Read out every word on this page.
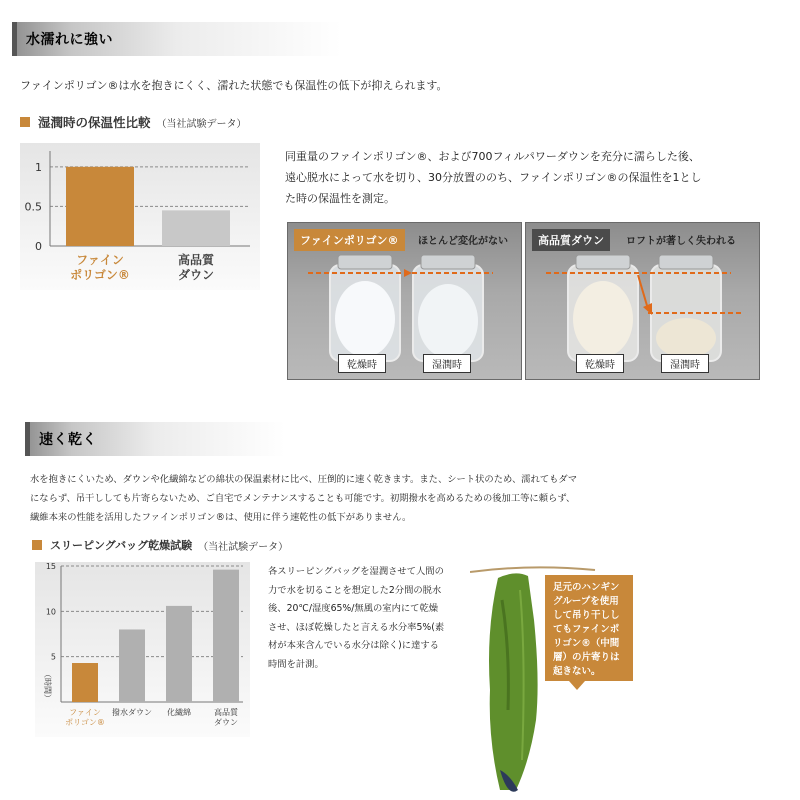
水濡れに強い
ファインポリゴン®は水を抱きにくく、濡れた状態でも保温性の低下が抑えられます。
湿潤時の保温性比較 （当社試験データ）
0
0.5
1
ファイン
ポリゴン®
高品質
ダウン
同重量のファインポリゴン®、および700フィルパワーダウンを充分に濡らした後、
遠心脱水によって水を切り、30分放置ののち、ファインポリゴン®の保温性を1とし
た時の保温性を測定。
ファインポリゴン®	ほとんど変化がない
乾燥時	湿潤時
高品質ダウン	ロフトが著しく失われる
乾燥時	湿潤時
速く乾く
水を抱きにくいため、ダウンや化繊綿などの綿状の保温素材に比べ、圧倒的に速く乾きます。また、シート状のため、濡れてもダマ
にならず、吊干ししても片寄らないため、ご自宅でメンテナンスすることも可能です。初期撥水を高めるための後加工等に頼らず、
繊維本来の性能を活用したファインポリゴン®は、使用に伴う速乾性の低下がありません。
スリーピングバッグ乾燥試験 （当社試験データ）
5
10
15
（時間）
ファイン
ポリゴン®
撥水ダウン 化繊綿	高品質
ダウン
各スリーピングバッグを湿潤させて人間の
力で水を切ることを想定した2分間の脱水
後、20℃/湿度65%/無風の室内にて乾燥
させ、ほぼ乾燥したと言える水分率5%(素
材が本来含んでいる水分は除く)に達する
時間を計測。
足元のハンギン
グループを使用
して吊り干しし
てもファインポ
リゴン®（中間
層）の片寄りは
起きない。
